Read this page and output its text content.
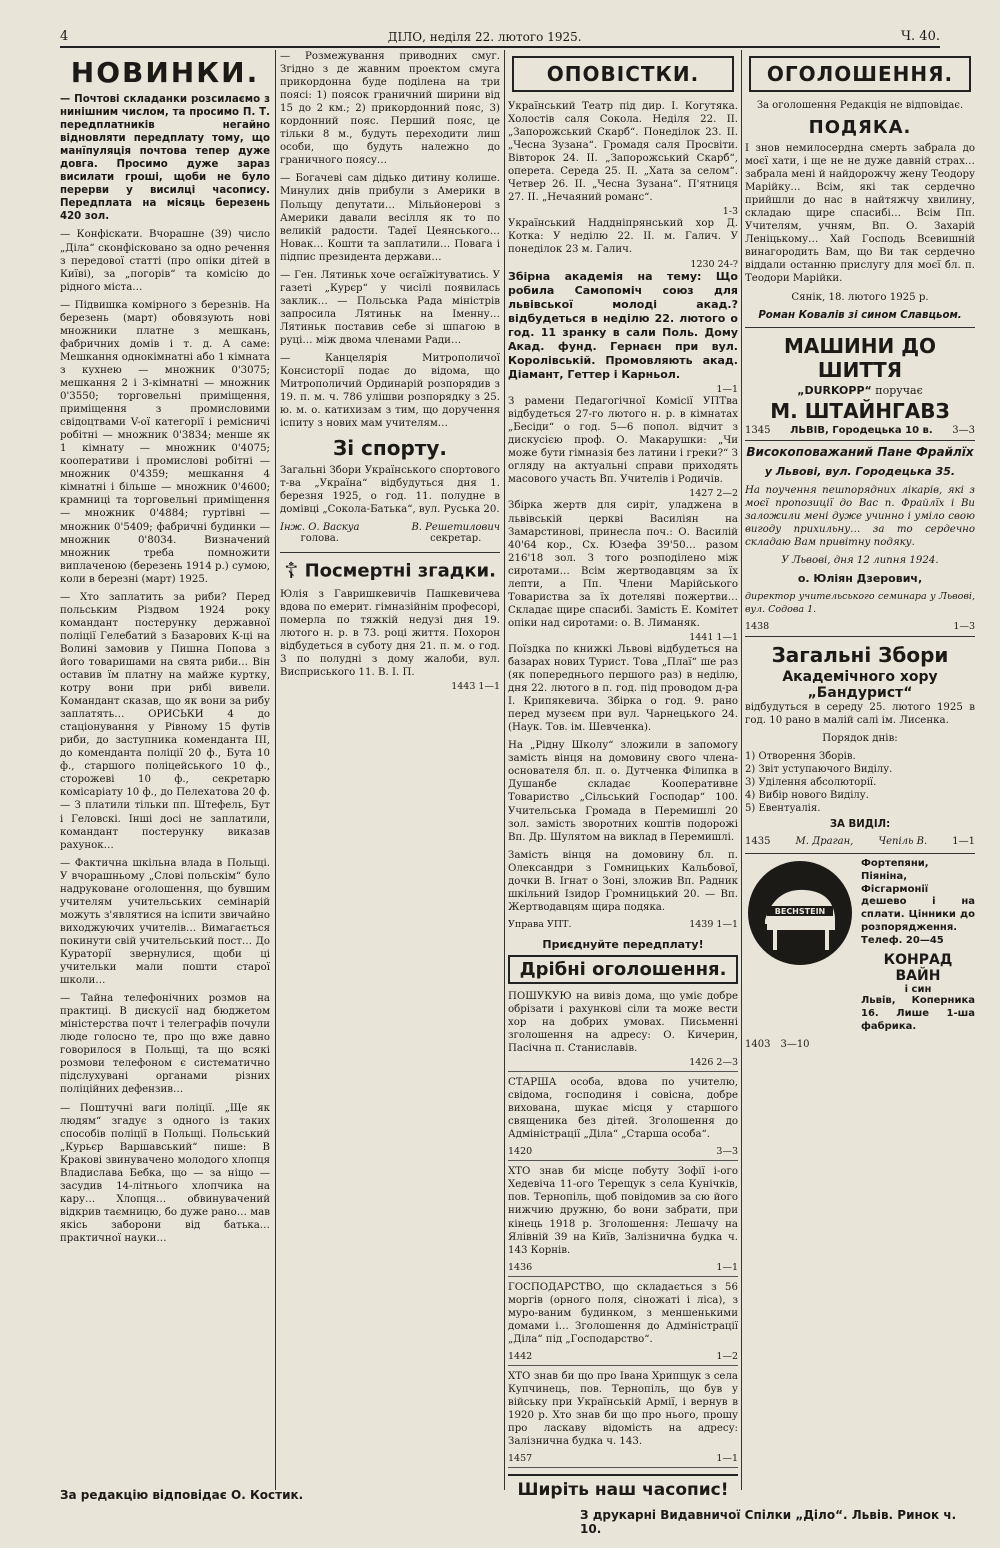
4	ДІЛО, неділя 22. лютого 1925.	Ч. 40.
НОВИНКИ.

— Почтові складанки розсилаємо з нинішним числом, та просимо П. Т. передплатників негайно відновляти передплату тому, що манїпуляція почтова тепер дуже довга. Просимо дуже зараз висилати гроші, щоби не було перерви у висилці часопису. Передплата на місяць березень 420 зол.

— Конфіскати. Вчорашне (39) число „Діла“ сконфісковано за одно речення з передової статті (про опіки дітей в Київі), за „погорів“ та комісію до рідного міста…

— Підвишка комірного з березнів. На березень (март) обовязують нові множники платне з мешкань, фабричних домів і т. д. А саме: Мешкання однокімнатні або 1 кімната з кухнею — множник 0'3075; мешкання 2 і 3-кімнатні — множник 0'3550; торговельні приміщення, приміщення з промисловими свідоцтвами V-ої категорії і ремісничі робітні — множник 0'3834; менше як 1 кімнату — множник 0'4075; кооперативи і промислові робітні — множник 0'4359; мешкання 4 кімнатні і більше — множник 0'4600; крамниці та торговельні приміщення — множник 0'4884; гуртівні — множник 0'5409; фабричні будинки — множник 0'8034. Визначений множник треба помножити виплаченою (березень 1914 р.) сумою, коли в березні (март) 1925.

— Хто заплатить за риби? Перед польським Різдвом 1924 року командант постерунку державної поліції Гелебатий з Базарових К-ці на Волині замовив у Пишна Попова з його товаришами на свята риби… Він оставив їм платну на майже куртку, котру вони при рибі вивели. Командант сказав, що як вони за рибу заплатять… ОРИСЬКИ 4 до стаціонування у Рівному 15 футів риби, до заступника коменданта III, до коменданта поліції 20 ф., Бута 10 ф., старшого поліцейського 10 ф., сторожеві 10 ф., секретарю комісаріату 10 ф., до Пелехатова 20 ф. — З платили тільки пп. Штефель, Бут і Геловскі. Інші досі не заплатили, командант постерунку виказав рахунок…

— Фактична шкільна влада в Польщі. У вчорашньому „Слові польскім“ було надруковане оголошення, що бувшим учителям учительських семінарій можуть з'являтися на іспити звичайно виходжуючих учителів… Вимагається покинути свій учительський пост… До Кураторії звернулися, щоби ці учительки мали пошти старої школи…

— Тайна телефонічних розмов на практиці. В дискусії над бюджетом міністерства почт і телеграфів почули люде голосно те, про що вже давно говорилося в Польщі, та що всякі розмови телефоном є систематично підслухувані органами різних поліційних дефензив…

— Поштучні ваги поліції. „Ще як людям“ згадує з одного із таких способів поліції в Польщі. Польський „Курьєр Варшавський“ пише: В Кракові звинувачено молодого хлопця Владислава Бебка, що — за ніщо — засудив 14-літнього хлопчика на кару… Хлопця… обвинувачений відкрив таємницю, бо дуже рано… мав якісь заборони від батька… практичної науки…

— Розмежування приводних смуг. Згідно з де жавним проектом смуга прикордонна буде поділена на три поясі: 1) поясок граничний ширини від 15 до 2 км.; 2) прикордонний пояс, 3) кордонний пояс. Перший пояс, це тільки 8 м., будуть переходити лиш особи, що будуть належно до граничного поясу…

— Богачеві сам дідько дитину колише. Минулих днів прибули з Америки в Польщу депутати… Мільйонерові з Америки давали весілля як то по великій радости. Тадеї Цеянського… Новак… Кошти та заплатили… Повага і підпис президента держави…

— Ген. Лятиньк хоче оєгаїжітуватись. У газеті „Курєр“ у чисілі появилась заклик… — Польська Рада міністрів запросила Лятиньк на Іменну… Лятиньк поставив себе зі шпагою в руці… між двома членами Ради…

— Канцелярія Митрополичої Консисторії подає до відома, що Митрополичий Ординарій розпорядив з 19. п. м. ч. 786 улішви розпорядку з 25. ю. м. о. катихизам з тим, що доручення іспиту з нових мам учителям…

Зі спорту.

Загальні Збори Українського спортового т-ва „Україна“ відбудуться дня 1. березня 1925, о год. 11. полудне в домівці „Сокола-Батька“, вул. Руська 20.

Інж. О. Васкуа
голова.
В. Решетилович
секретар.
☦ Посмертні згадки.

Юлія з Гавришкевичів Пашкевичева вдова по емерит. гімназійнім професорі, померла по тяжкій недузі дня 19. лютого н. р. в 73. році життя. Похорон відбудеться в суботу дня 21. п. м. о год. 3 по полудні з дому жалоби, вул. Висприського 11. В. І. П.

1443 1—1
ОПОВІСТКИ.

Український Театр під дир. І. Когутяка. Холостів саля Сокола. Неділя 22. II. „Запорожський Скарб“. Понеділок 23. II. „Чесна Зузана“. Громадя саля Просвіти. Вівторок 24. II. „Запорожський Скарб“, оперета. Середа 25. II. „Хата за селом“. Четвер 26. II. „Чесна Зузана“. П'ятниця 27. II. „Нечаяний романс“.

1-3

Український Наддніпрянський хор Д. Котка: У неділю 22. II. м. Галич. У понеділок 23 м. Галич.

1230 24-?

Збірна академія на тему: Що робила Самопоміч союз для львівської молоді акад.? відбудеться в неділю 22. лютого о год. 11 зранку в сали Поль. Дому Акад. фунд. Гернаєн при вул. Королівській. Промовляють акад. Діамант, Геттер і Карньол.

1—1

З рамени Педагогічної Комісії УПТва відбудеться 27-го лютого н. р. в кімнатах „Бесіди“ о год. 5—6 попол. відчит з дискусією проф. О. Макарушки: „Чи може бути гімназія без латини і греки?“ З огляду на актуальні справи приходять масового участь Вп. Учителів і Родичів.

1427 2—2

Збірка жертв для сиріт, уладжена в львівській церкві Василіян на Замарстинові, принесла поч.: О. Василій 40'64 кор., Сх. Юзефа 39'50… разом 216'18 зол. З того розподілено між сиротами… Всім жертводавцям за їх лепти, а Пп. Члени Марійського Товариства за їх дотеляві пожертви… Складає щире спасибі. Замість Е. Комітет опіки над сиротами: о. В. Лиманяк.

1441 1—1

Поїздка по книжкі Львові відбудеться на базарах нових Турист. Това „Плаї“ ше раз (як попереднього першого раз) в неділю, дня 22. лютого в п. год. під проводом д-ра І. Крипякевича. Збірка о год. 9. рано перед музеєм при вул. Чарнецького 24. (Наук. Тов. ім. Шевченка).

На „Рідну Школу“ зложили в запомогу замість вінця на домовину свого члена-основателя бл. п. о. Дутченка Філипка в Душанбе складає Кооперативне Товариство „Сільський Господар“ 100. Учительська Громада в Перемишлі 20 зол. замість зворотних коштів подорожі Вп. Др. Шулятом на виклад в Перемишлі.

Замість вінця на домовину бл. п. Олександри з Гомницьких Кальбової, дочки В. Ігнат о Зоні, зложив Вп. Радник шкільний Ізидор Громницький 20. — Вп. Жертводавцям щира подяка.

Управа УПТ.	1439 1—1
Приєднуйте передплату!
Дрібні оголошення.

ПОШУКУЮ на вивіз дома, що уміє добре обрізати і рахункові сіли та може вести хор на добрих умовах. Письменні зголошення на адресу: О. Кичерин, Пасічна п. Станиславів.

1426 2—3

СТАРША особа, вдова по учителю, свідома, господиня і совісна, добре вихована, шукає місця у старшого священика без дітей. Зголошення до Адміністрації „Діла“ „Старша особа“.

1420	3—3

ХТО знав би місце побуту Зофії і-ого Хедевіча 11-ого Терещук з села Кунічків, пов. Тернопіль, щоб повідомив за сю його нижчию дружню, бо вони забрати, при кінець 1918 р. Зголошення: Лешачу на Ялівній 39 на Київ, Залізнична будка ч. 143 Корнів.

1436	1—1

ГОСПОДАРСТВО, що складається з 56 моргів (орного поля, сіножаті і ліса), з муро-ваним будинком, з меншенькими домами і… Зголошення до Адміністрації „Діла“ під „Господарство“.

1442	1—2

ХТО знав би що про Івана Хрипщук з села Купчинець, пов. Тернопіль, що був у війську при Українській Армії, і вернув в 1920 р. Хто знав би що про нього, прошу про ласкаву відомість на адресу: Залізнична будка ч. 143.

1457	1—1
Ширіть наш часопис!
ОГОЛОШЕННЯ.
За оголошення Редакція не відповідає.
ПОДЯКА.

І знов немилосердна смерть забрала до моєї хати, і ще не не дуже давній страх… забрала мені й найдорожчу жену Теодору Марійку… Всім, які так сердечно прийшли до нас в найтяжчу хвилину, складаю щире спасибі… Всім Пп. Учителям, учням, Вп. О. Захарій Леніцькому… Хай Господь Всевишній винагородить Вам, що Ви так сердечно віддали останню прислугу для моєї бл. п. Теодори Марійки.

Сянік, 18. лютого 1925 р.

Роман Ковалів зі сином Славцьом.

МАШИНИ ДО ШИТТЯ
„DURKOPP“ поручає
М. ШТАЙНГАВЗ
1345 ЛЬВІВ, Городецька 10 в. 3—3

Високоповажаний Пане Фрайлїх

у Львові, вул. Городецька 35.

На поучення пешпорядних лікарів, які з моєї пропозиції до Вас п. Фрайлїх і Ви заложили мені дуже учинно і уміло свою вигоду прихильну… за то сердечно складаю Вам привітну подяку.

У Львові, дня 12 липня 1924.

о. Юліян Дзерович,

директор учительського семинара у Львові, вул. Содова 1.

1438	1—3
Загальні Збори
Академічного хору „Бандурист“

відбудуться в середу 25. лютого 1925 в год. 10 рано в малій салі ім. Лисенка.

Порядок днів:

1) Отворення Зборів.
2) Звіт уступаючого Виділу.
3) Уділення абсолюторії.
4) Вибір нового Виділу.
5) Евентуалія.

ЗА ВИДІЛ:

1435	М. Драган,	Чепіль В.	1—1
BECHSTEIN

Фортепяни, Піяніна, Фісгармонії дешево і на сплати. Цінники до розпорядження. Телеф. 20—45

КОНРАД ВАЙН
і син

Львів, Коперника 16. Лише 1-ша фабрика.

1403 3—10
За редакцію відповідає О. Костик.
З друкарні Видавничої Спілки „Діло“. Львів. Ринок ч. 10.
